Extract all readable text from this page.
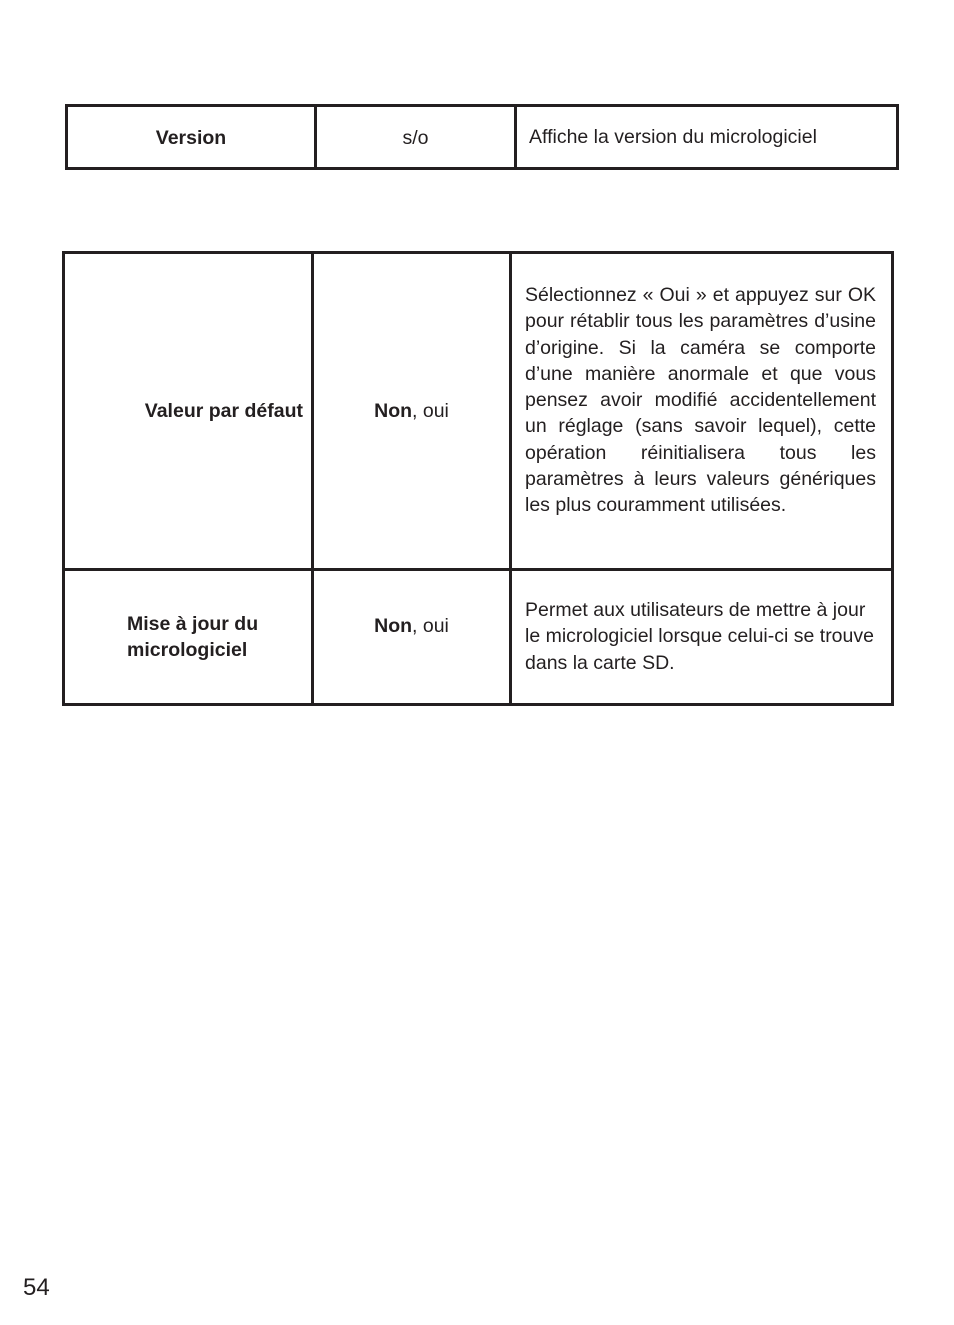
Version	s/o	Affiche la version du micrologiciel
Valeur par défaut	Non, oui	Sélectionnez « Oui » et appuyez sur OK pour rétablir tous les paramètres d’usine d’origine. Si la caméra se comporte d’une manière anormale et que vous pensez avoir modifié accidentellement un réglage (sans savoir lequel), cette opération réinitialisera tous les paramètres à leurs valeurs génériques les plus couramment utilisées.

Mise à jour du
micrologiciel	Non, oui	Permet aux utilisateurs de mettre à jour le micrologiciel lorsque celui-ci se trouve dans la carte SD.
54
